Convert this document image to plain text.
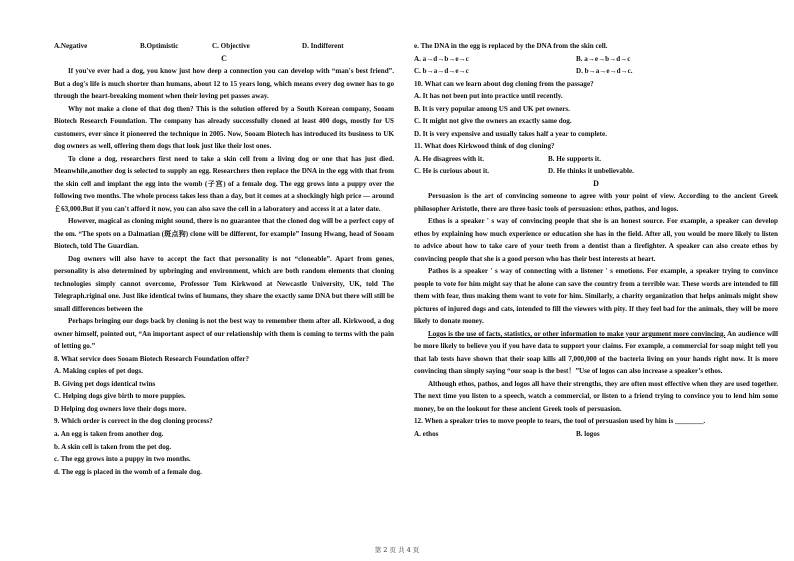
A.Negative	B.Optimistic	C. Objective	D. Indifferent

C

If you've ever had a dog, you know just how deep a connection you can develop with “man's best friend”. But a dog's life is much shorter than humans, about 12 to 15 years long, which means every dog owner has to go through the heart-breaking moment when their loving pet passes away.

Why not make a clone of that dog then? This is the solution offered by a South Korean company, Sooam Biotech Research Foundation. The company has already successfully cloned at least 400 dogs, mostly for US customers, ever since it pioneered the technique in 2005. Now, Sooam Biotech has introduced its business to UK dog owners as well, offering them dogs that look just like their lost ones.

To clone a dog, researchers first need to take a skin cell from a living dog or one that has just died. Meanwhile,another dog is selected to supply an egg. Researchers then replace the DNA in the egg with that from the skin cell and implant the egg into the womb (子宫) of a female dog. The egg grows into a puppy over the following two months. The whole process takes less than a day, but it comes at a shockingly high price — around ￡63,000.But if you can't afford it now, you can also save the cell in a laboratory and access it at a later date.

However, magical as cloning might sound, there is no guarantee that the cloned dog will be a perfect copy of the om. “The spots on a Dalmatian (斑点狗) clone will be different, for example” Insung Hwang, head of Sooam Biotech, told The Guardian.

Dog owners will also have to accept the fact that personality is not “cloneable”. Apart from genes, personality is also determined by upbringing and environment, which are both random elements that cloning technologies simply cannot overcome, Professor Tom Kirkwood at Newcastle University, UK, told The Telegraph.riginal one. Just like identical twins of humans, they share the exactly same DNA but there will still be small differences between the

Perhaps bringing our dogs back by cloning is not the best way to remember them after all. Kirkwood, a dog owner himself, pointed out, “An important aspect of our relationship with them is coming to terms with the pain of letting go.”

8. What service does Sooam Biotech Research Foundation offer?

A. Making copies of pet dogs.

B. Giving pet dogs identical twins

C. Helping dogs give birth to more puppies.

D Helping dog owners love their dogs more.

9. Which order is correct in the dog cloning process?

a. An egg is taken from another dog.

b. A skin cell is taken from the pet dog.

c. The egg grows into a puppy in two months.

d. The egg is placed in the womb of a female dog.

e. The DNA in the egg is replaced by the DNA from the skin cell.

A. a→d→b→e→c	B. a→e→b→d→c
C. b→a→d→e→c	D. b→a→e→d→c.

10. What can we learn about dog cloning from the passage?

A. It has not been put into practice until recently.

B. It is very popular among US and UK pet owners.

C. It might not give the owners an exactly same dog.

D. It is very expensive and usually takes half a year to complete.

11. What does Kirkwood think of dog cloning?

A. He disagrees with it.	B. He supports it.
C. He is curious about it.	D. He thinks it unbelievable.

D

Persuasion is the art of convincing someone to agree with your point of view. According to the ancient Greek philosopher Aristotle, there are three basic tools of persuasion: ethos, pathos, and logos.

Ethos is a speaker ' s way of convincing people that she is an honest source. For example, a speaker can develop ethos by explaining how much experience or education she has in the field. After all, you would be more likely to listen to advice about how to take care of your teeth from a dentist than a firefighter. A speaker can also create ethos by convincing people that she is a good person who has their best interests at heart.

Pathos is a speaker ' s way of connecting with a listener ' s emotions. For example, a speaker trying to convince people to vote for him might say that he alone can save the country from a terrible war. These words are intended to fill them with fear, thus making them want to vote for him. Similarly, a charity organization that helps animals might show pictures of injured dogs and cats, intended to fill the viewers with pity. If they feel bad for the animals, they will be more likely to donate money.

Logos is the use of facts, statistics, or other information to make your argument more convincing. An audience will be more likely to believe you if you have data to support your claims. For example, a commercial for soap might tell you that lab tests have shown that their soap kills all 7,000,000 of the bacteria living on your hands right now. It is more convincing than simply saying “our soap is the best！”Use of logos can also increase a speaker’s ethos.

Although ethos, pathos, and logos all have their strengths, they are often most effective when they are used together. The next time you listen to a speech, watch a commercial, or listen to a friend trying to convince you to lend him some money, be on the lookout for these ancient Greek tools of persuasion.

12. When a speaker tries to move people to tears, the tool of persuasion used by him is ________.

A. ethos	B. logos
第 2 页 共 4 页
